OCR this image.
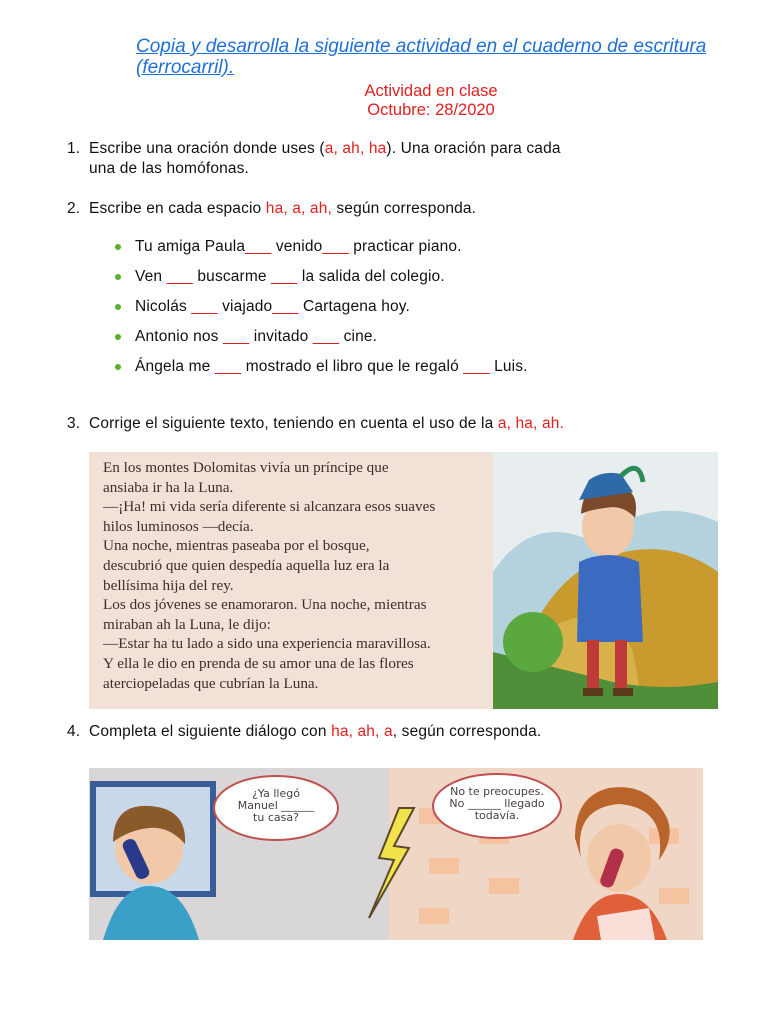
Copia y desarrolla la siguiente actividad en el cuaderno de escritura (ferrocarril).
Actividad en clase
Octubre: 28/2020
1. Escribe una oración donde uses (a, ah, ha). Una oración para cada
una de las homófonas.
2. Escribe en cada espacio ha, a, ah, según corresponda.
Tu amiga Paula___ venido___ practicar piano.
Ven ___ buscarme ___ la salida del colegio.
Nicolás ___ viajado___ Cartagena hoy.
Antonio nos ___ invitado ___ cine.
Ángela me ___ mostrado el libro que le regaló ___ Luis.
3. Corrige el siguiente texto, teniendo en cuenta el uso de la a, ha, ah.
En los montes Dolomitas vivía un príncipe que
ansiaba ir ha la Luna.
—¡Ha! mi vida sería diferente si alcanzara esos suaves
hilos luminosos —decía.
Una noche, mientras paseaba por el bosque,
descubrió que quien despedía aquella luz era la
bellísima hija del rey.
Los dos jóvenes se enamoraron. Una noche, mientras
miraban ah la Luna, le dijo:
—Estar ha tu lado a sido una experiencia maravillosa.
Y ella le dio en prenda de su amor una de las flores
aterciopeladas que cubrían la Luna.
4. Completa el siguiente diálogo con ha, ah, a, según corresponda.
¿Ya llegó
Manuel ______
tu casa?
No te preocupes.
No ______ llegado
todavía.
